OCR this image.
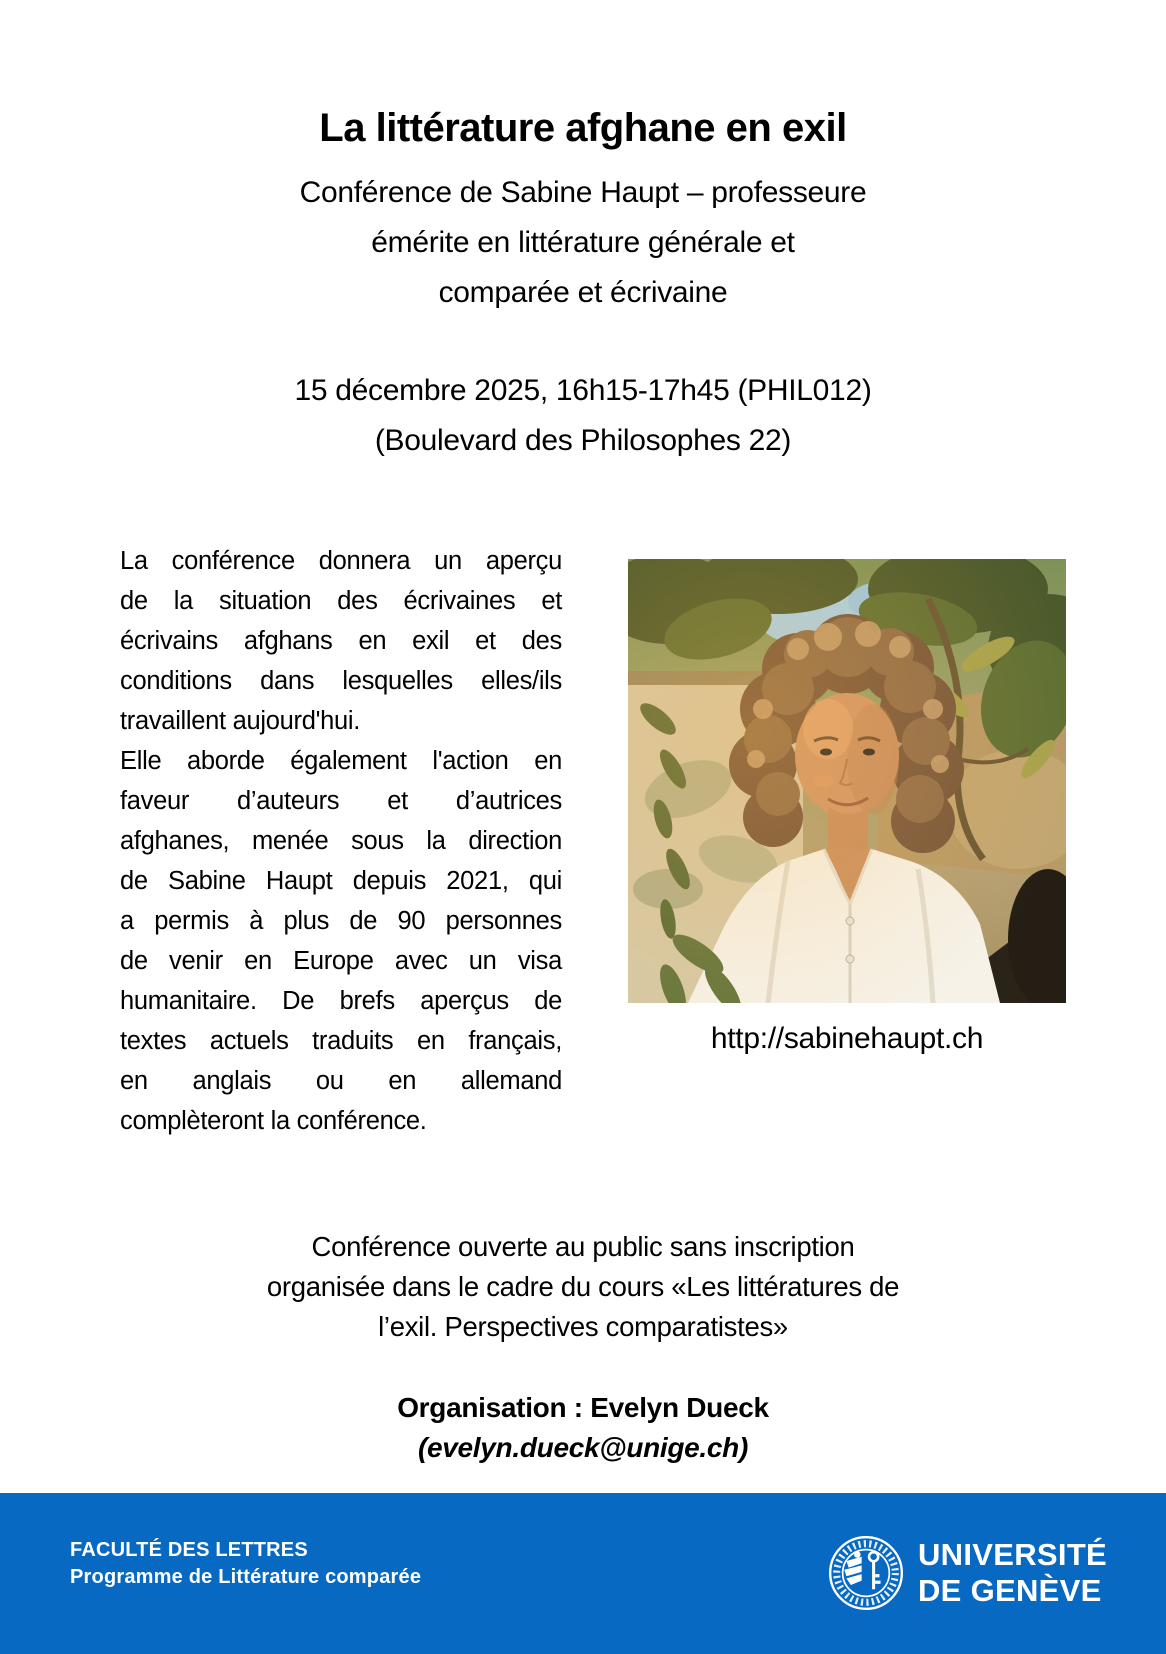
La littérature afghane en exil
Conférence de Sabine Haupt – professeure
émérite en littérature générale et
comparée et écrivaine
15 décembre 2025, 16h15-17h45 (PHIL012)
(Boulevard des Philosophes 22)
La conférence donnera un aperçu
de la situation des écrivaines et
écrivains afghans en exil et des
conditions dans lesquelles elles/ils
travaillent aujourd'hui.
Elle aborde également l'action en
faveur d’auteurs et d’autrices
afghanes, menée sous la direction
de Sabine Haupt depuis 2021, qui
a permis à plus de 90 personnes
de venir en Europe avec un visa
humanitaire. De brefs aperçus de
textes actuels traduits en français,
en anglais ou en allemand
complèteront la conférence.
http://sabinehaupt.ch
Conférence ouverte au public sans inscription
organisée dans le cadre du cours «Les littératures de
l’exil. Perspectives comparatistes»
Organisation : Evelyn Dueck
(evelyn.dueck@unige.ch)
FACULTÉ DES LETTRES
Programme de Littérature comparée
UNIVERSITÉ
DE GENÈVE
